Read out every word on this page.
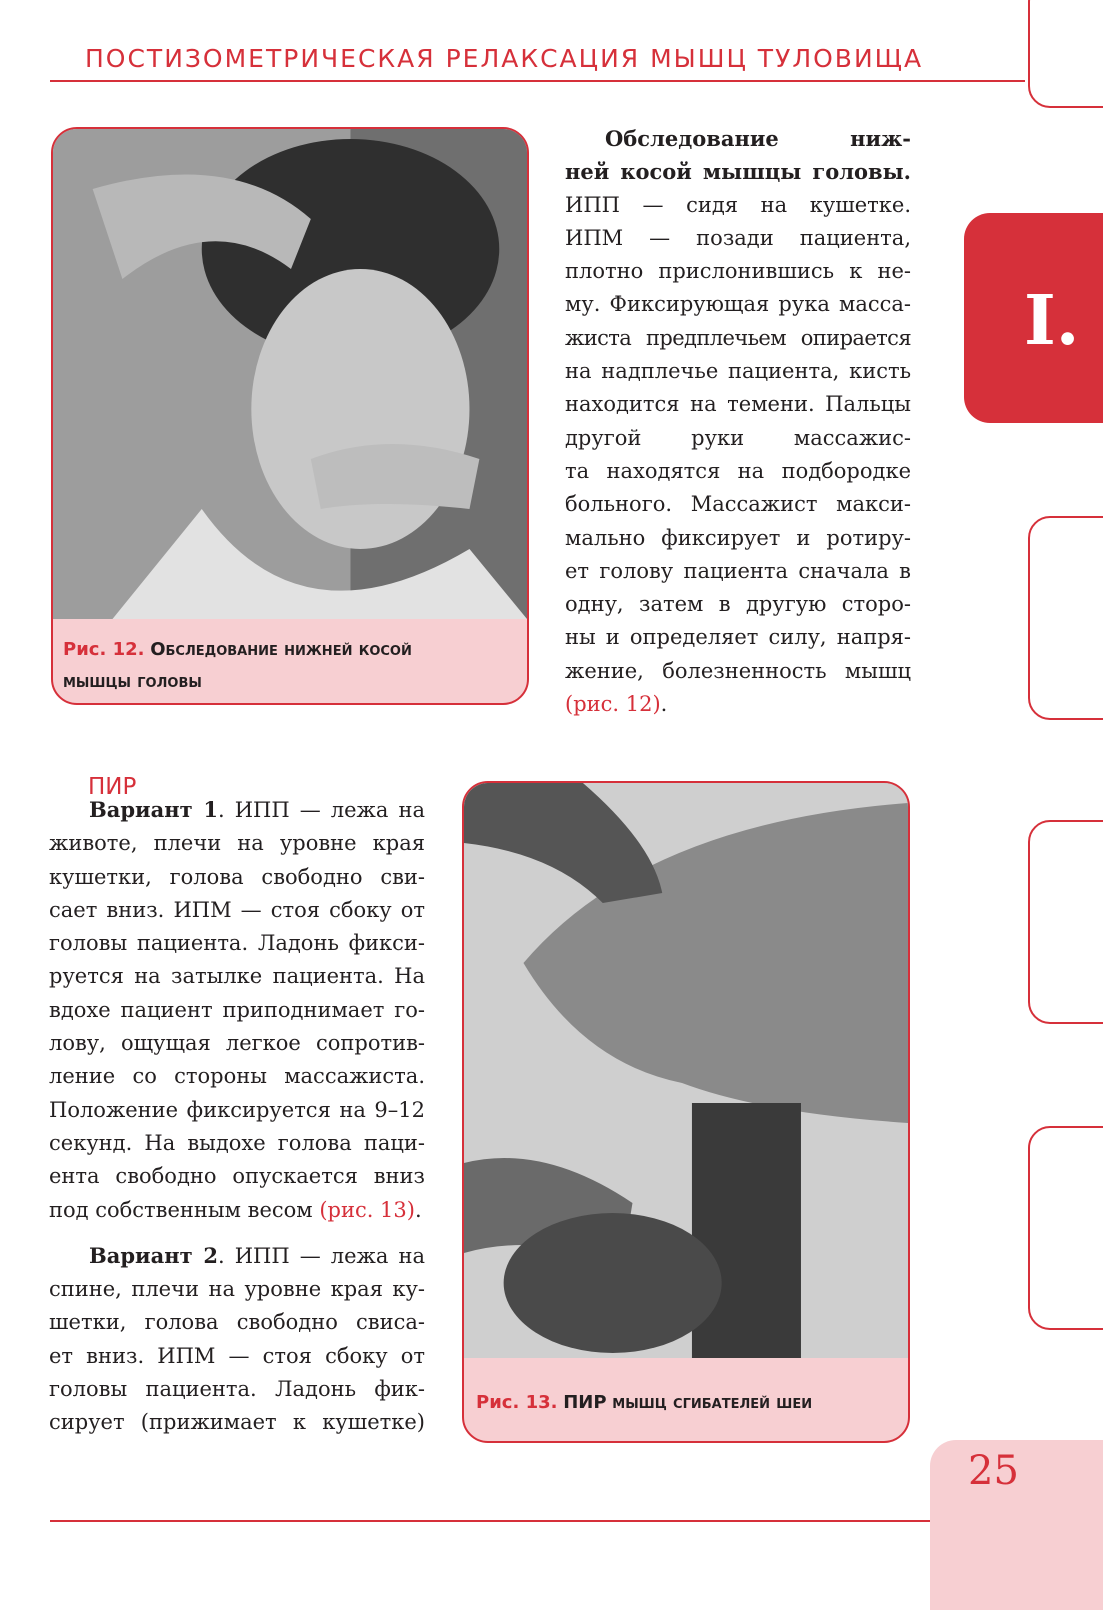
ПОСТИЗОМЕТРИЧЕСКАЯ РЕЛАКСАЦИЯ МЫШЦ ТУЛОВИЩА
I.
Рис. 12. Обследование нижней косой
мышцы головы
Обследование ниж-
ней косой мышцы головы.
ИПП — сидя на кушетке.
ИПМ — позади пациента,
плотно прислонившись к не-
му. Фиксирующая рука масса-
жиста предплечьем опирается
на надплечье пациента, кисть
находится на темени. Пальцы
другой руки массажис-
та находятся на подбородке
больного. Массажист макси-
мально фиксирует и ротиру-
ет голову пациента сначала в
одну, затем в другую сторо-
ны и определяет силу, напря-
жение, болезненность мышц
(рис. 12).
ПИР
Вариант 1. ИПП — лежа на
животе, плечи на уровне края
кушетки, голова свободно сви-
сает вниз. ИПМ — стоя сбоку от
головы пациента. Ладонь фикси-
руется на затылке пациента. На
вдохе пациент приподнимает го-
лову, ощущая легкое сопротив-
ление со стороны массажиста.
Положение фиксируется на 9–12
секунд. На выдохе голова паци-
ента свободно опускается вниз
под собственным весом (рис. 13).
Вариант 2. ИПП — лежа на
спине, плечи на уровне края ку-
шетки, голова свободно свиса-
ет вниз. ИПМ — стоя сбоку от
головы пациента. Ладонь фик-
сирует (прижимает к кушетке)
Рис. 13. ПИР мышц сгибателей шеи
25
